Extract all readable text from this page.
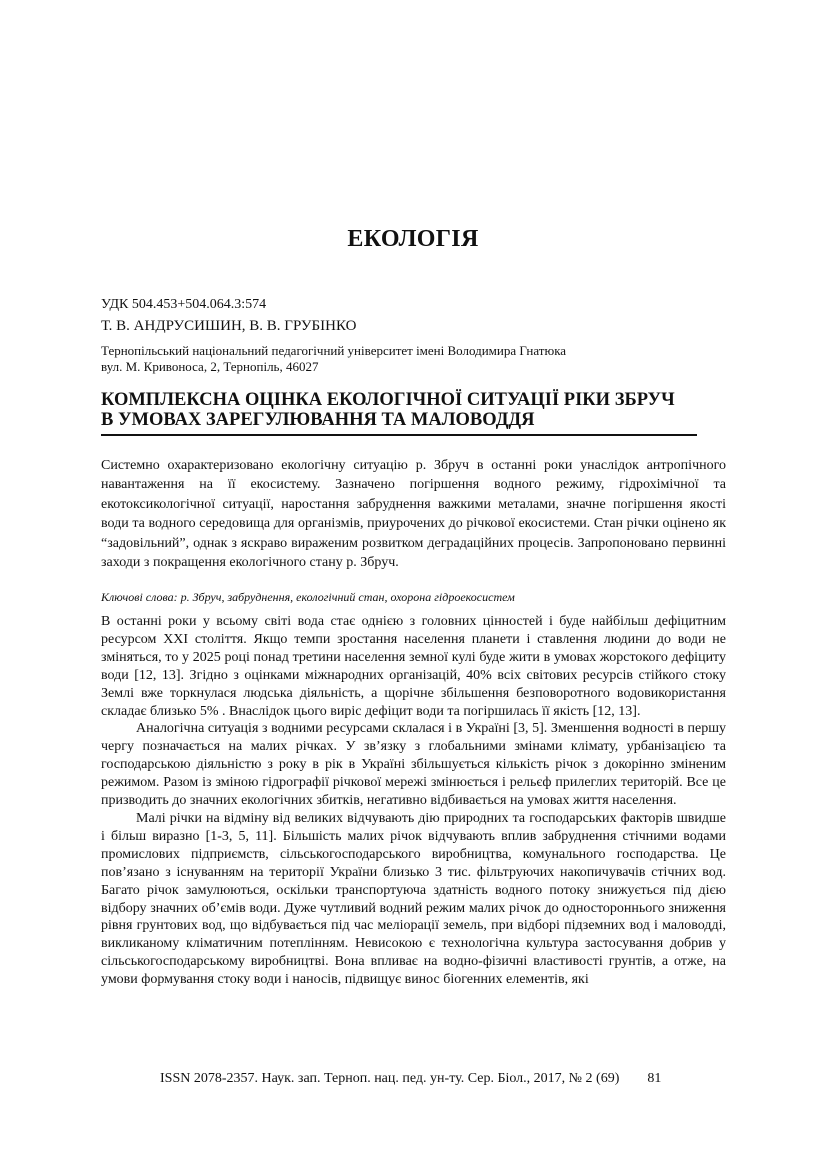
ЕКОЛОГІЯ

УДК 504.453+504.064.3:574

Т. В. АНДРУСИШИН, В. В. ГРУБІНКО

Тернопільський національний педагогічний університет імені Володимира Гнатюка
вул. М. Кривоноса, 2, Тернопіль, 46027

КОМПЛЕКСНА ОЦІНКА ЕКОЛОГІЧНОЇ СИТУАЦІЇ РІКИ ЗБРУЧ
В УМОВАХ ЗАРЕГУЛЮВАННЯ ТА МАЛОВОДДЯ

Системно охарактеризовано екологічну ситуацію р. Збруч в останні роки унаслідок антропічного навантаження на її екосистему. Зазначено погіршення водного режиму, гідрохімічної та екотоксикологічної ситуації, наростання забруднення важкими металами, значне погіршення якості води та водного середовища для організмів, приурочених до річкової екосистеми. Стан річки оцінено як “задовільний”, однак з яскраво вираженим розвитком деградаційних процесів. Запропоновано первинні заходи з покращення екологічного стану р. Збруч.

Ключові слова: р. Збруч, забруднення, екологічний стан, охорона гідроекосистем

В останні роки у всьому світі вода стає однією з головних цінностей і буде найбільш дефіцитним ресурсом XXI століття. Якщо темпи зростання населення планети і ставлення людини до води не зміняться, то у 2025 році понад третини населення земної кулі буде жити в умовах жорстокого дефіциту води [12, 13]. Згідно з оцінками міжнародних організацій, 40% всіх світових ресурсів стійкого стоку Землі вже торкнулася людська діяльність, а щорічне збільшення безповоротного водовикористання складає близько 5% . Внаслідок цього виріс дефіцит води та погіршилась її якість [12, 13].

Аналогічна ситуація з водними ресурсами склалася і в Україні [3, 5]. Зменшення водності в першу чергу позначається на малих річках. У зв’язку з глобальними змінами клімату, урбанізацією та господарською діяльністю з року в рік в Україні збільшується кількість річок з докорінно зміненим режимом. Разом із зміною гідрографії річкової мережі змінюється і рельєф прилеглих територій. Все це призводить до значних екологічних збитків, негативно відбивається на умовах життя населення.

Малі річки на відміну від великих відчувають дію природних та господарських факторів швидше і більш виразно [1-3, 5, 11]. Більшість малих річок відчувають вплив забруднення стічними водами промислових підприємств, сільськогосподарського виробництва, комунального господарства. Це пов’язано з існуванням на території України близько 3 тис. фільтруючих накопичувачів стічних вод. Багато річок замулюються, оскільки транспортуюча здатність водного потоку знижується під дією відбору значних об’ємів води. Дуже чутливий водний режим малих річок до одностороннього зниження рівня грунтових вод, що відбувається під час меліорації земель, при відборі підземних вод і маловодді, викликаному кліматичним потеплінням. Невисокою є технологічна культура застосування добрив у сільськогосподарському виробництві. Вона впливає на водно-фізичні властивості грунтів, а отже, на умови формування стоку води і наносів, підвищує винос біогенних елементів, які

ISSN 2078-2357. Наук. зап. Терноп. нац. пед. ун-ту. Сер. Біол., 2017, № 2 (69) 81
